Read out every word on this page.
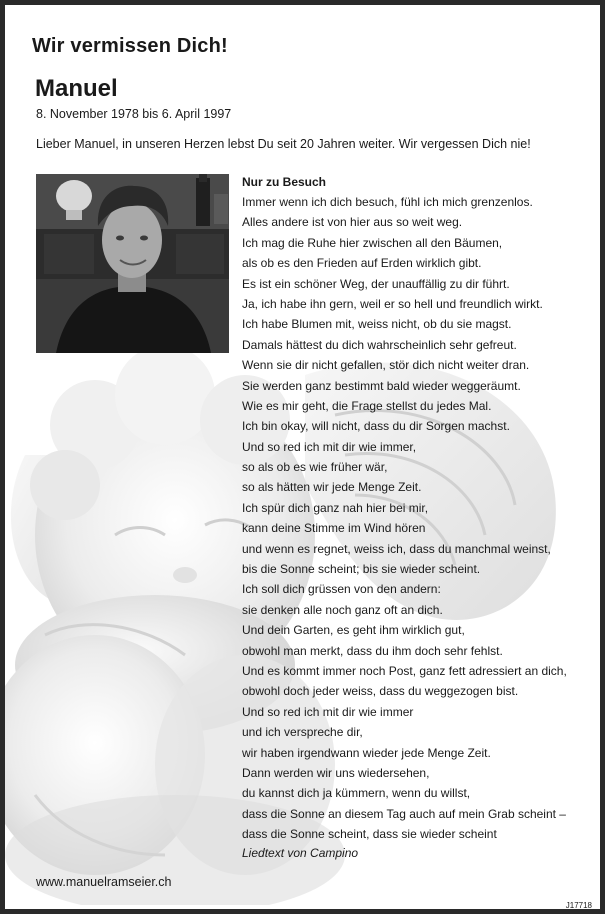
Wir vermissen Dich!
Manuel
8. November 1978 bis 6. April 1997
Lieber Manuel, in unseren Herzen lebst Du seit 20 Jahren weiter. Wir vergessen Dich nie!
Nur zu Besuch
Immer wenn ich dich besuch, fühl ich mich grenzenlos.
Alles andere ist von hier aus so weit weg.
Ich mag die Ruhe hier zwischen all den Bäumen,
als ob es den Frieden auf Erden wirklich gibt.
Es ist ein schöner Weg, der unauffällig zu dir führt.
Ja, ich habe ihn gern, weil er so hell und freundlich wirkt.
Ich habe Blumen mit, weiss nicht, ob du sie magst.
Damals hättest du dich wahrscheinlich sehr gefreut.
Wenn sie dir nicht gefallen, stör dich nicht weiter dran.
Sie werden ganz bestimmt bald wieder weggeräumt.
Wie es mir geht, die Frage stellst du jedes Mal.
Ich bin okay, will nicht, dass du dir Sorgen machst.
Und so red ich mit dir wie immer,
so als ob es wie früher wär,
so als hätten wir jede Menge Zeit.
Ich spür dich ganz nah hier bei mir,
kann deine Stimme im Wind hören
und wenn es regnet, weiss ich, dass du manchmal weinst,
bis die Sonne scheint; bis sie wieder scheint.
Ich soll dich grüssen von den andern:
sie denken alle noch ganz oft an dich.
Und dein Garten, es geht ihm wirklich gut,
obwohl man merkt, dass du ihm doch sehr fehlst.
Und es kommt immer noch Post, ganz fett adressiert an dich,
obwohl doch jeder weiss, dass du weggezogen bist.
Und so red ich mit dir wie immer
und ich verspreche dir,
wir haben irgendwann wieder jede Menge Zeit.
Dann werden wir uns wiedersehen,
du kannst dich ja kümmern, wenn du willst,
dass die Sonne an diesem Tag auch auf mein Grab scheint –
dass die Sonne scheint, dass sie wieder scheint
Liedtext von Campino
www.manuelramseier.ch
J17718
